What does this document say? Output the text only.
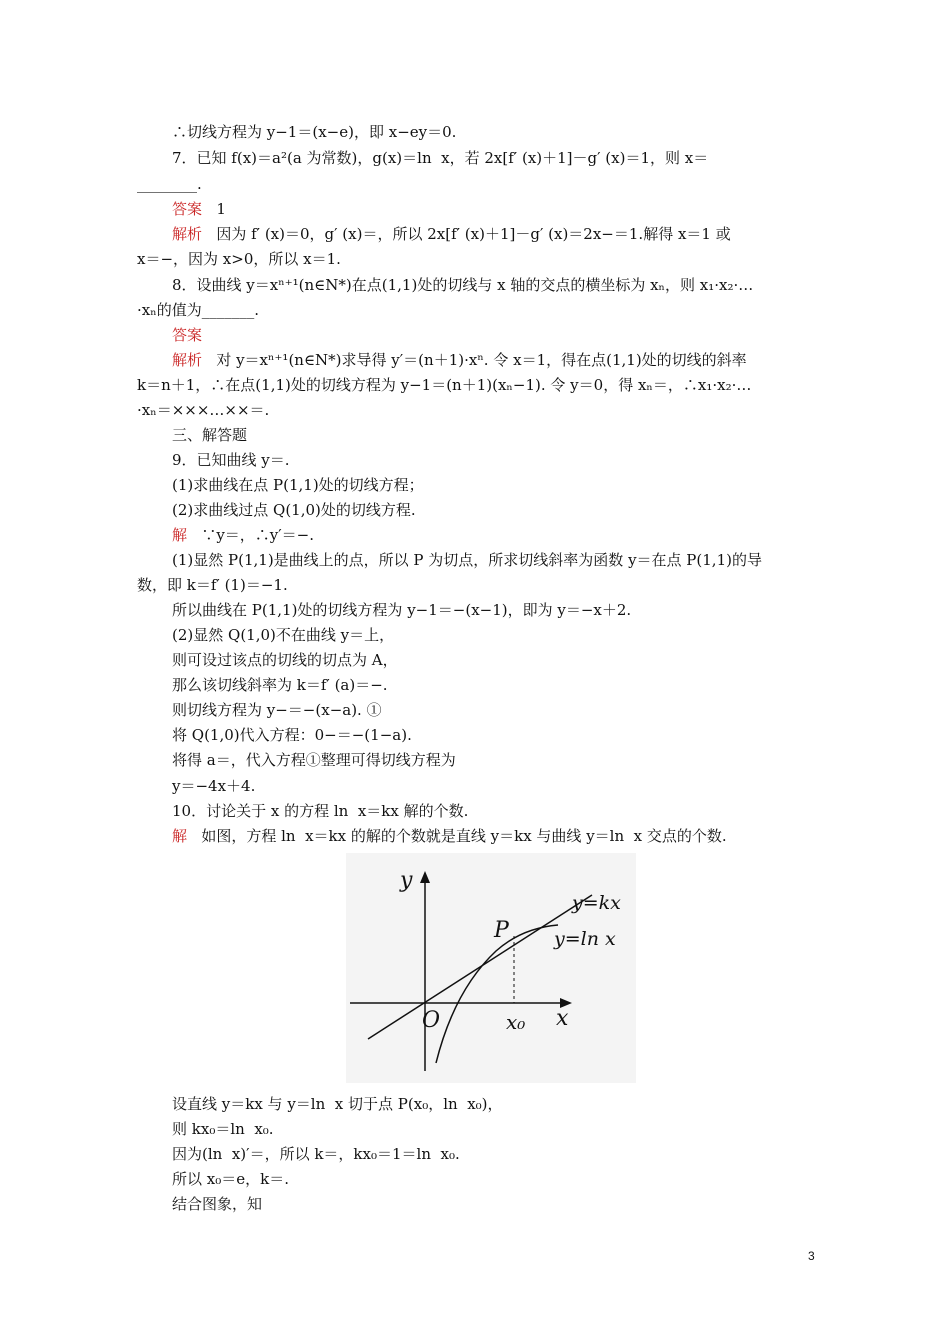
∴切线方程为 y−1＝(x−e)，即 x−ey＝0.
7．已知 f(x)＝a²(a 为常数)，g(x)＝ln  x，若 2x[f′ (x)＋1]－g′ (x)＝1，则 x＝
________.
答案   1
解析   因为 f′ (x)＝0，g′ (x)＝，所以 2x[f′ (x)＋1]－g′ (x)＝2x−＝1.解得 x＝1 或
x＝−，因为 x>0，所以 x＝1.
8．设曲线 y＝xⁿ⁺¹(n∈N*)在点(1,1)处的切线与 x 轴的交点的横坐标为 xₙ，则 x₁·x₂·…
·xₙ的值为_______.
答案
解析   对 y＝xⁿ⁺¹(n∈N*)求导得 y′＝(n＋1)·xⁿ. 令 x＝1，得在点(1,1)处的切线的斜率
k＝n＋1，∴在点(1,1)处的切线方程为 y−1＝(n＋1)(xₙ−1). 令 y＝0，得 xₙ＝，∴x₁·x₂·…
·xₙ＝×××…××＝.
三、解答题
9．已知曲线 y＝.
(1)求曲线在点 P(1,1)处的切线方程；
(2)求曲线过点 Q(1,0)处的切线方程.
解   ∵y＝，∴y′＝−.
(1)显然 P(1,1)是曲线上的点，所以 P 为切点，所求切线斜率为函数 y＝在点 P(1,1)的导
数，即 k＝f′ (1)＝−1.
所以曲线在 P(1,1)处的切线方程为 y−1＝−(x−1)，即为 y＝−x＋2.
(2)显然 Q(1,0)不在曲线 y＝上，
则可设过该点的切线的切点为 A，
那么该切线斜率为 k＝f′ (a)＝−.
则切线方程为 y−＝−(x−a). ①
将 Q(1,0)代入方程：0−＝−(1−a).
将得 a＝，代入方程①整理可得切线方程为
y＝−4x＋4.
10．讨论关于 x 的方程 ln  x＝kx 解的个数.
解   如图，方程 ln  x＝kx 的解的个数就是直线 y＝kx 与曲线 y＝ln  x 交点的个数.
y
x
O
P
x₀
y=kx
y=ln x
设直线 y＝kx 与 y＝ln  x 切于点 P(x₀，ln  x₀)，
则 kx₀＝ln  x₀.
因为(ln  x)′＝，所以 k＝，kx₀＝1＝ln  x₀.
所以 x₀＝e，k＝.
结合图象，知
3
